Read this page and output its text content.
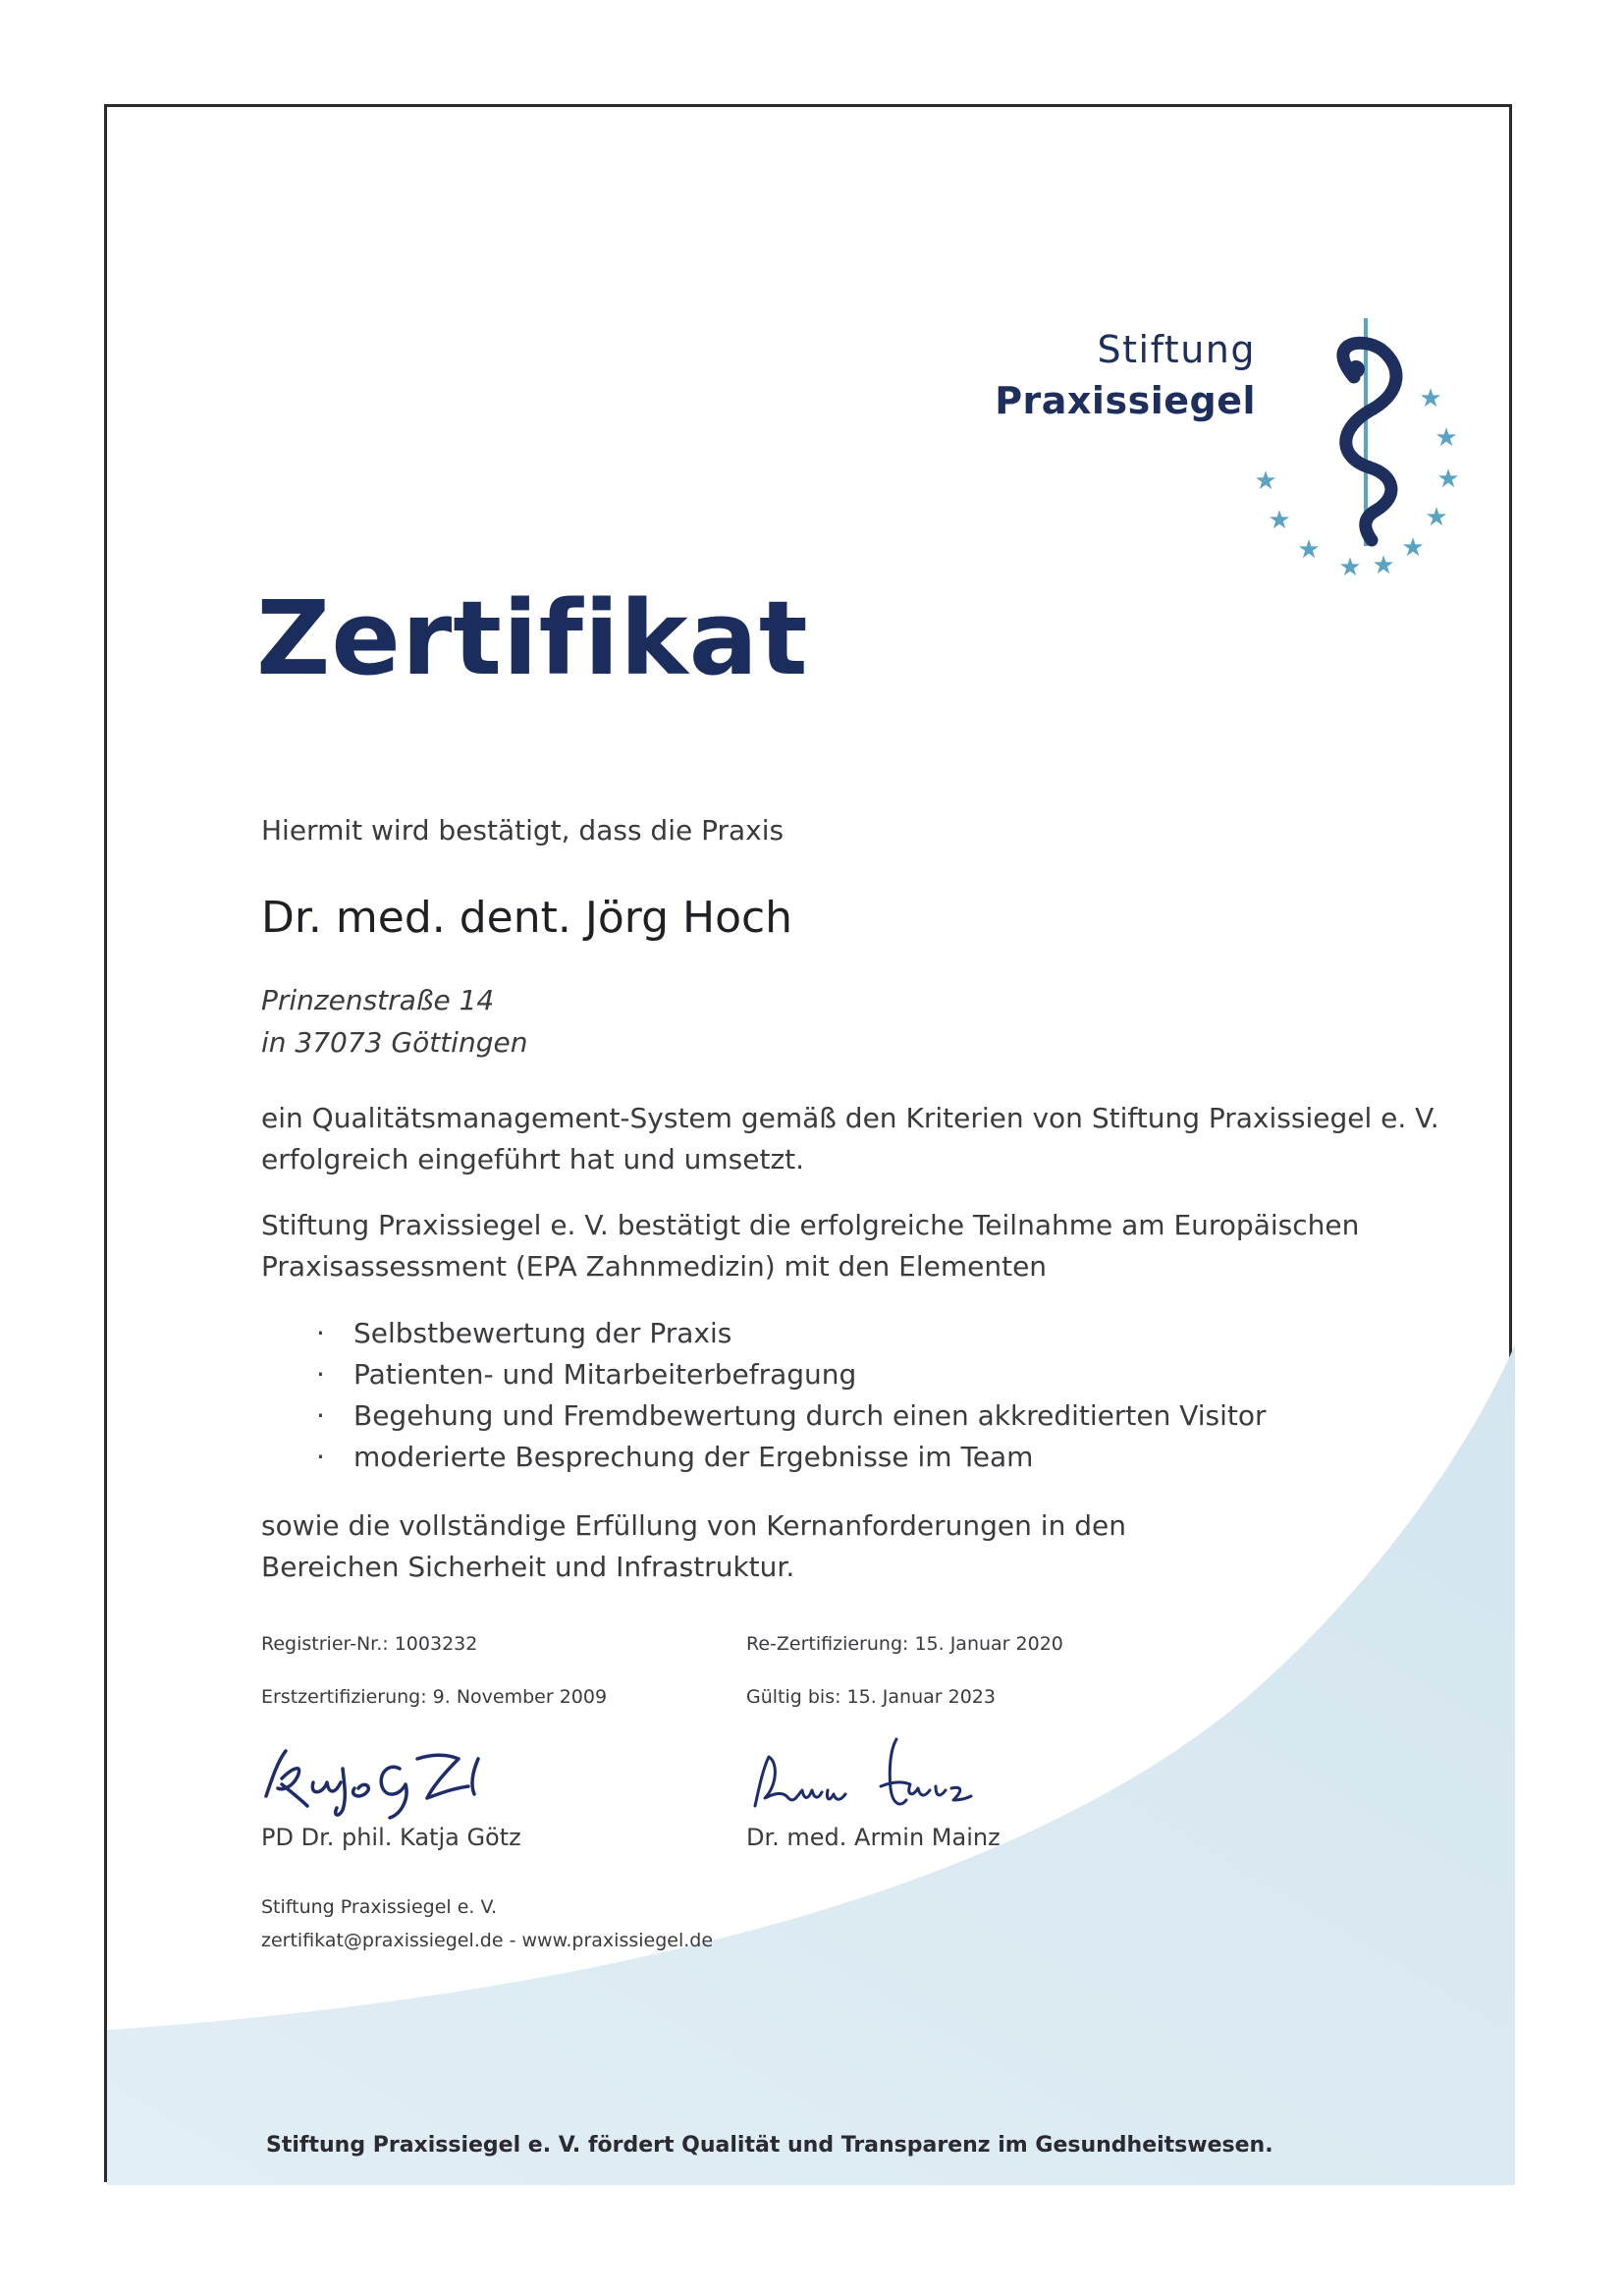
Stiftung
Praxissiegel	★
★
★
★
★
★
★
★
★
★
Zertifikat
Hiermit wird bestätigt, dass die Praxis
Dr. med. dent. Jörg Hoch
Prinzenstraße 14
in 37073 Göttingen
ein Qualitätsmanagement-System gemäß den Kriterien von Stiftung Praxissiegel e. V.
erfolgreich eingeführt hat und umsetzt.
Stiftung Praxissiegel e. V. bestätigt die erfolgreiche Teilnahme am Europäischen
Praxisassessment (EPA Zahnmedizin) mit den Elementen
· Selbstbewertung der Praxis
· Patienten- und Mitarbeiterbefragung
· Begehung und Fremdbewertung durch einen akkreditierten Visitor
· moderierte Besprechung der Ergebnisse im Team
sowie die vollständige Erfüllung von Kernanforderungen in den
Bereichen Sicherheit und Infrastruktur.
Registrier-Nr.: 1003232
Erstzertifizierung: 9. November 2009
Re-Zertifizierung: 15. Januar 2020
Gültig bis: 15. Januar 2023
PD Dr. phil. Katja Götz	Dr. med. Armin Mainz
Stiftung Praxissiegel e. V.
zertifikat@praxissiegel.de - www.praxissiegel.de
Stiftung Praxissiegel e. V. fördert Qualität und Transparenz im Gesundheitswesen.
